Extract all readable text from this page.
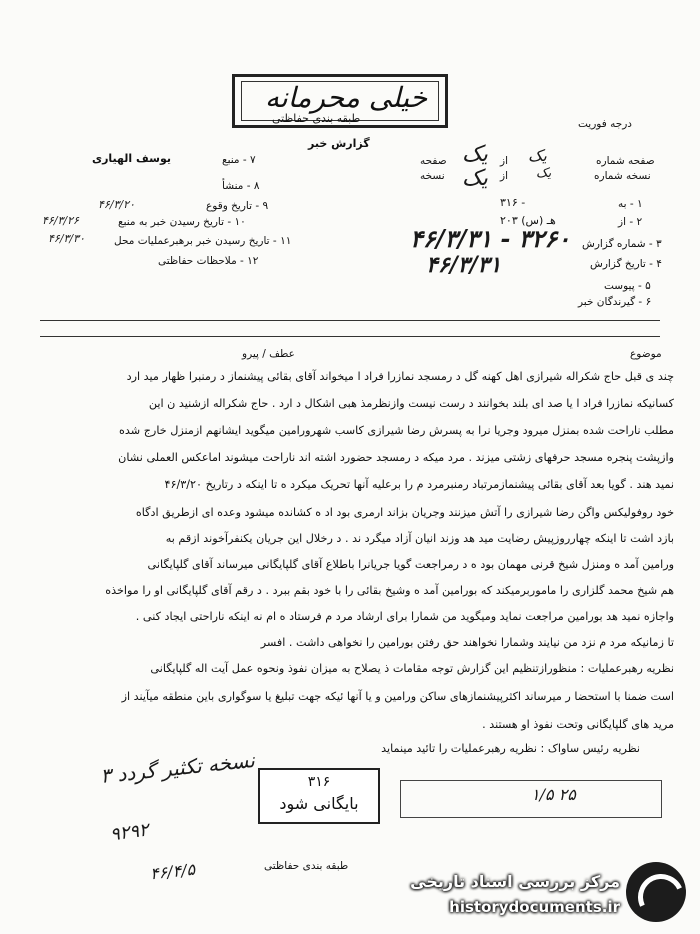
خیلی محرمانه
طبقه بندی حفاظتی	درجه فوریت
گزارش خبر
۷ - منبع
یوسف الهیاری
۸ - منشأ
۹ - تاریخ وقوع
۴۶/۳/۲۰
۱۰ - تاریخ رسیدن خبر به منبع
۴۶/۳/۲۶
۱۱ - تاریخ رسیدن خبر برهبرعملیات محل
۴۶/۳/۳۰
۱۲ - ملاحظات حفاظتی
صفحه شماره
یک
از
یک
صفحه
نسخه شماره
یک
از
یک
نسخه
۱ - به
۳۱۶ -
۲ - از
۲۰۳ هـ (س)
۳ - شماره گزارش
۴۶/۳/۳۱ - ۳۲۶۰
۴ - تاریخ گزارش
۴۶/۳/۳۱
۵ - پیوست
۶ - گیرندگان خبر
موضوع
عطف / پیرو
چند ی قبل حاج شکراله شیرازی اهل کهنه گل د رمسجد نمازرا فراد ا میخواند آقای بقائی پیشنماز د رمنبرا ظهار مید ارد
کسانیکه نمازرا فراد ا یا صد ای بلند بخوانند د رست نیست وازنظرمذ هبی اشکال د ارد . حاج شکراله ازشنید ن این
مطلب ناراحت شده بمنزل میرود وجریا نرا به پسرش رضا شیرازی کاسب شهرورامین میگوید ایشانهم ازمنزل خارج شده
وازپشت پنجره مسجد حرفهای زشتی میزند . مرد میکه د رمسجد حضورد اشته اند ناراحت میشوند اماعکس العملی نشان
نمید هند . گویا بعد آقای بقائی پیشنمازمرتباد رمنبرمرد م را برعلیه آنها تحریک میکرد ه تا اینکه د رتاریخ ۴۶/۳/۲۰
خود روفولیکس واگن رضا شیرازی را آتش میزنند وجریان بزاند ارمری بود اد ه کشانده میشود وعده ای ازطریق ادگاه
بازد اشت تا اینکه چهارروزپیش رضایت مید هد وزند انیان آزاد میگرد ند . د رخلال این جریان یکنفرآخوند ازقم به
ورامین آمد ه ومنزل شیخ قرنی مهمان بود ه د رمراجعت گویا جریانرا باطلاع آقای گلپایگانی میرساند آقای گلپایگانی
هم شیخ محمد گلزاری را ماموربرمیکند که بورامین آمد ه وشیخ بقائی را با خود بقم ببرد . د رقم آقای گلپایگانی او را مواخذه
واجازه نمید هد بورامین مراجعت نماید ومیگوید من شمارا برای ارشاد مرد م فرستاد ه ام نه اینکه ناراحتی ایجاد کنی .
تا زمانیکه مرد م نزد من نیایند وشمارا نخواهند حق رفتن بورامین را نخواهی داشت . افسر
نظریه رهبرعملیات : منظورازتنظیم این گزارش توجه مقامات ذ یصلاح به میزان نفوذ ونحوه عمل آیت اله گلپایگانی
است ضمنا با استحضا ر میرساند اکثرپیشنمازهای ساکن ورامین و یا آنها ئیکه جهت تبلیغ یا سوگواری باین منطقه میآیند از
مرید های گلپایگانی وتحت نفوذ او هستند .
نظریه رئیس ساواک : نظریه رهبرعملیات را تائید مینماید
۳ نسخه تکثیر گردد
۹۲۹۲
۴۶/۴/۵
۳۱۶
بایگانی شود	۱/۵ ۲۵
طبقه بندی حفاظتی
مرکز بررسی اسناد تاریخی
historydocuments.ir
